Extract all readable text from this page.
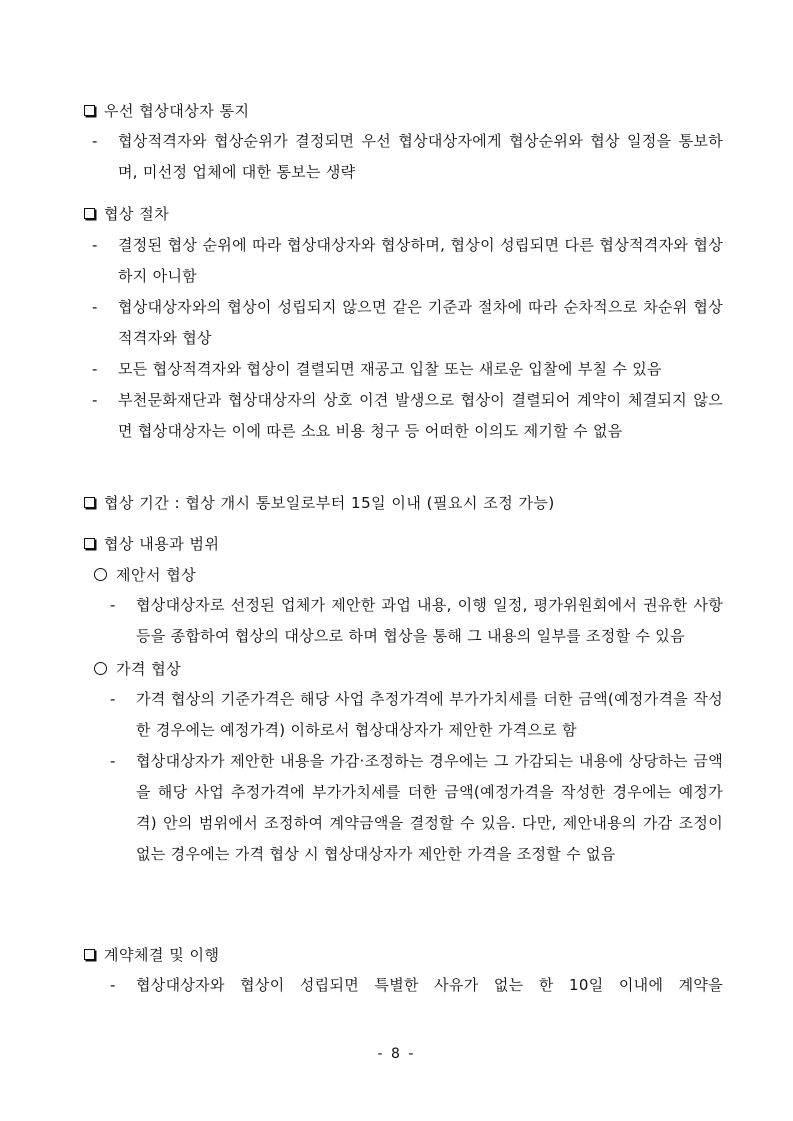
우선 협상대상자 통지
- 협상적격자와 협상순위가 결정되면 우선 협상대상자에게 협상순위와 협상 일정을 통보하며, 미선정 업체에 대한 통보는 생략
협상 절차
- 결정된 협상 순위에 따라 협상대상자와 협상하며, 협상이 성립되면 다른 협상적격자와 협상하지 아니함
- 협상대상자와의 협상이 성립되지 않으면 같은 기준과 절차에 따라 순차적으로 차순위 협상적격자와 협상
- 모든 협상적격자와 협상이 결렬되면 재공고 입찰 또는 새로운 입찰에 부칠 수 있음
- 부천문화재단과 협상대상자의 상호 이견 발생으로 협상이 결렬되어 계약이 체결되지 않으면 협상대상자는 이에 따른 소요 비용 청구 등 어떠한 이의도 제기할 수 없음
협상 기간 : 협상 개시 통보일로부터 15일 이내 (필요시 조정 가능)
협상 내용과 범위
제안서 협상
- 협상대상자로 선정된 업체가 제안한 과업 내용, 이행 일정, 평가위원회에서 권유한 사항 등을 종합하여 협상의 대상으로 하며 협상을 통해 그 내용의 일부를 조정할 수 있음
가격 협상
- 가격 협상의 기준가격은 해당 사업 추정가격에 부가가치세를 더한 금액(예정가격을 작성한 경우에는 예정가격) 이하로서 협상대상자가 제안한 가격으로 함
- 협상대상자가 제안한 내용을 가감·조정하는 경우에는 그 가감되는 내용에 상당하는 금액을 해당 사업 추정가격에 부가가치세를 더한 금액(예정가격을 작성한 경우에는 예정가격) 안의 범위에서 조정하여 계약금액을 결정할 수 있음. 다만, 제안내용의 가감 조정이 없는 경우에는 가격 협상 시 협상대상자가 제안한 가격을 조정할 수 없음
계약체결 및 이행
- 협상대상자와 협상이 성립되면 특별한 사유가 없는 한 10일 이내에 계약을
- 8 -
